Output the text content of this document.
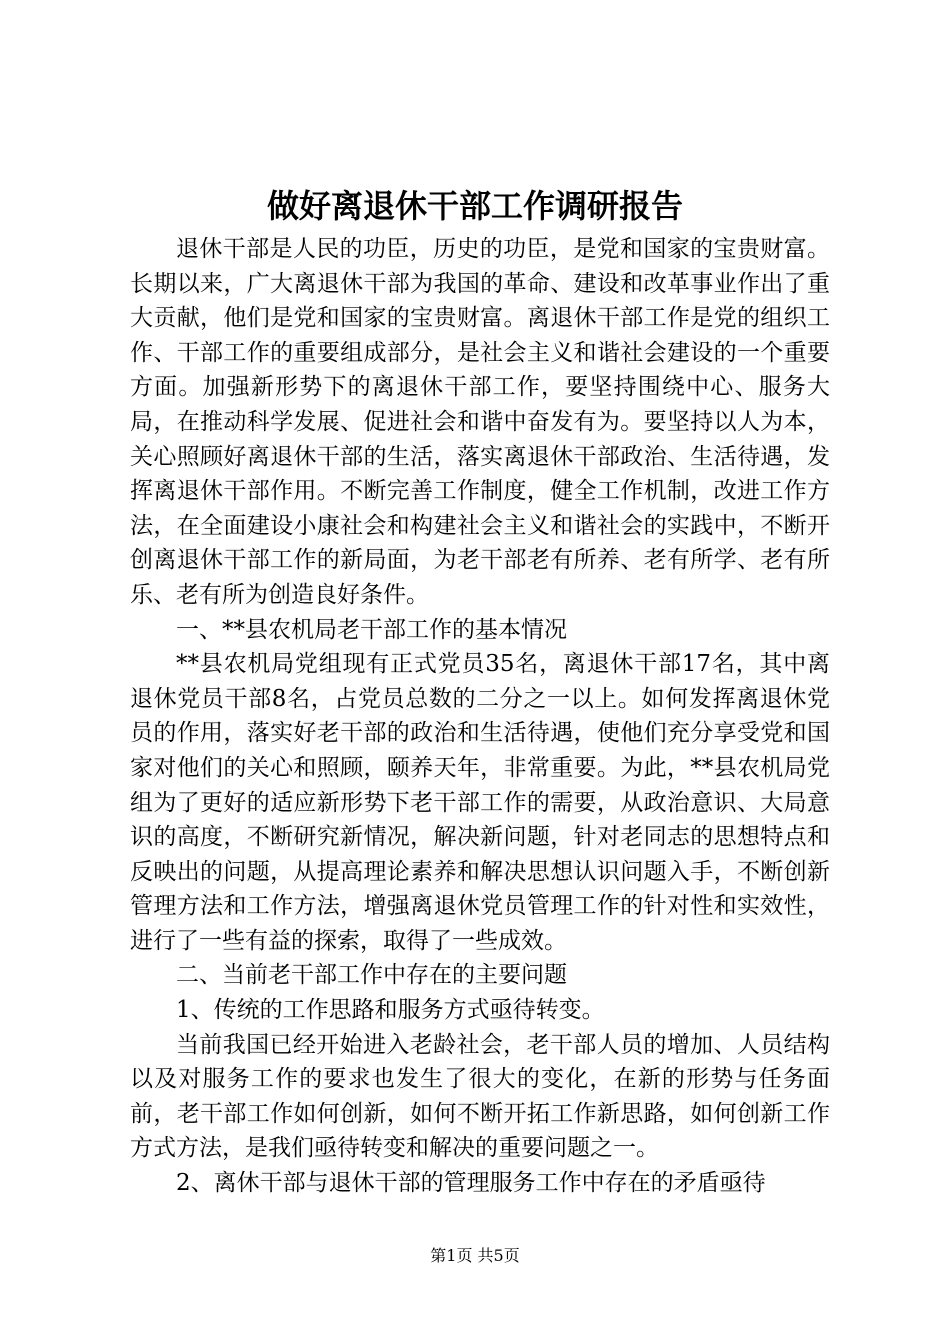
做好离退休干部工作调研报告

退休干部是人民的功臣，历史的功臣，是党和国家的宝贵财富。长期以来，广大离退休干部为我国的革命、建设和改革事业作出了重大贡献，他们是党和国家的宝贵财富。离退休干部工作是党的组织工作、干部工作的重要组成部分，是社会主义和谐社会建设的一个重要方面。加强新形势下的离退休干部工作，要坚持围绕中心、服务大局，在推动科学发展、促进社会和谐中奋发有为。要坚持以人为本，关心照顾好离退休干部的生活，落实离退休干部政治、生活待遇，发挥离退休干部作用。不断完善工作制度，健全工作机制，改进工作方法，在全面建设小康社会和构建社会主义和谐社会的实践中，不断开创离退休干部工作的新局面，为老干部老有所养、老有所学、老有所乐、老有所为创造良好条件。

一、**县农机局老干部工作的基本情况

**县农机局党组现有正式党员35名，离退休干部17名，其中离退休党员干部8名，占党员总数的二分之一以上。如何发挥离退休党员的作用，落实好老干部的政治和生活待遇，使他们充分享受党和国家对他们的关心和照顾，颐养天年，非常重要。为此，**县农机局党组为了更好的适应新形势下老干部工作的需要，从政治意识、大局意识的高度，不断研究新情况，解决新问题，针对老同志的思想特点和反映出的问题，从提高理论素养和解决思想认识问题入手，不断创新管理方法和工作方法，增强离退休党员管理工作的针对性和实效性，进行了一些有益的探索，取得了一些成效。

二、当前老干部工作中存在的主要问题

1、传统的工作思路和服务方式亟待转变。

当前我国已经开始进入老龄社会，老干部人员的增加、人员结构以及对服务工作的要求也发生了很大的变化，在新的形势与任务面前，老干部工作如何创新，如何不断开拓工作新思路，如何创新工作方式方法，是我们亟待转变和解决的重要问题之一。

2、离休干部与退休干部的管理服务工作中存在的矛盾亟待

第1页 共5页
